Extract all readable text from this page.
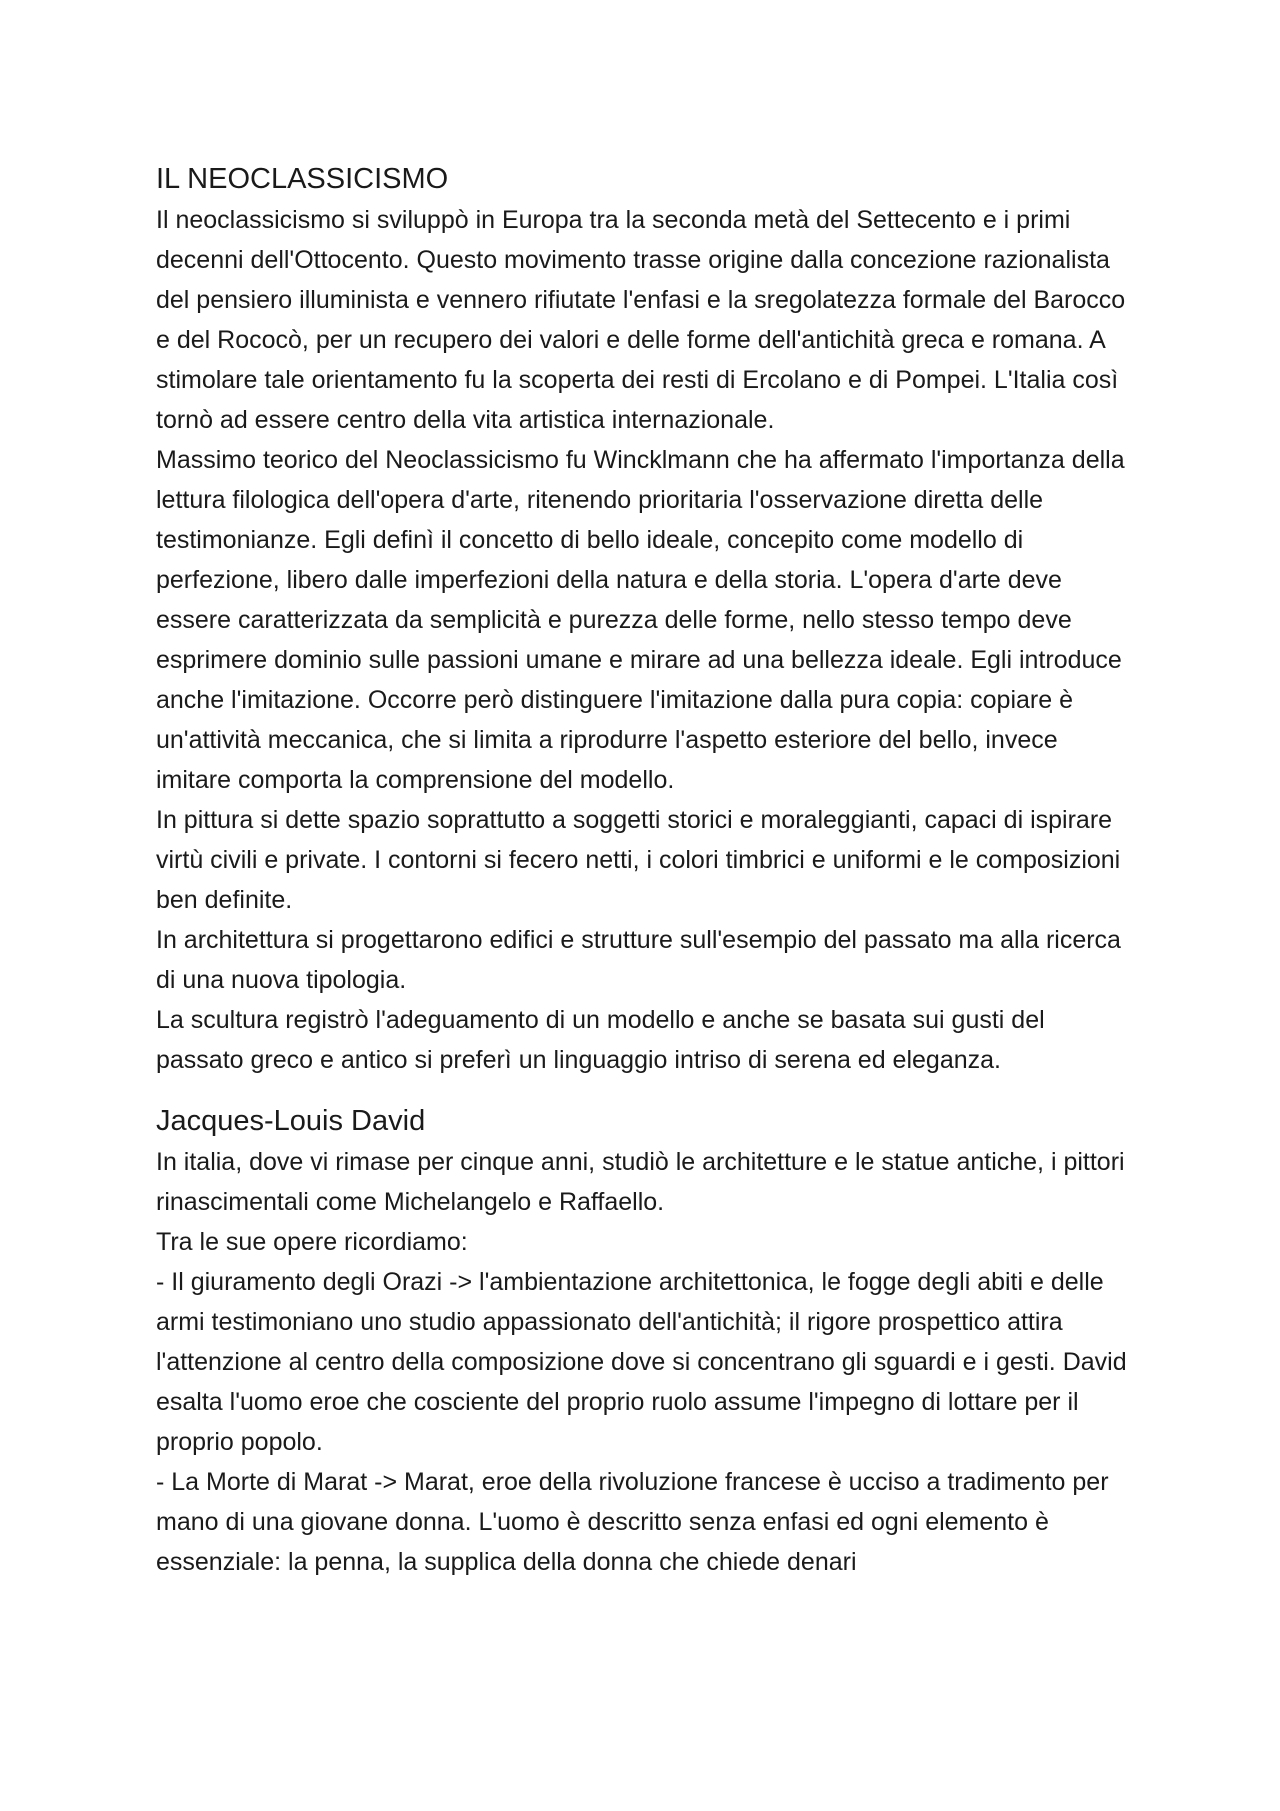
IL NEOCLASSICISMO

Il neoclassicismo si sviluppò in Europa tra la seconda metà del Settecento e i primi decenni dell'Ottocento. Questo movimento trasse origine dalla concezione razionalista del pensiero illuminista e vennero rifiutate l'enfasi e la sregolatezza formale del Barocco e del Rococò, per un recupero dei valori e delle forme dell'antichità greca e romana. A stimolare tale orientamento fu la scoperta dei resti di Ercolano e di Pompei. L'Italia così tornò ad essere centro della vita artistica internazionale.

Massimo teorico del Neoclassicismo fu Wincklmann che ha affermato l'importanza della lettura filologica dell'opera d'arte, ritenendo prioritaria l'osservazione diretta delle testimonianze. Egli definì il concetto di bello ideale, concepito come modello di perfezione, libero dalle imperfezioni della natura e della storia. L'opera d'arte deve essere caratterizzata da semplicità e purezza delle forme, nello stesso tempo deve esprimere dominio sulle passioni umane e mirare ad una bellezza ideale. Egli introduce anche l'imitazione. Occorre però distinguere l'imitazione dalla pura copia: copiare è un'attività meccanica, che si limita a riprodurre l'aspetto esteriore del bello, invece imitare comporta la comprensione del modello.

In pittura si dette spazio soprattutto a soggetti storici e moraleggianti, capaci di ispirare virtù civili e private. I contorni si fecero netti, i colori timbrici e uniformi e le composizioni ben definite.

In architettura si progettarono edifici e strutture sull'esempio del passato ma alla ricerca di una nuova tipologia.

La scultura registrò l'adeguamento di un modello e anche se basata sui gusti del passato greco e antico si preferì un linguaggio intriso di serena ed eleganza.

Jacques-Louis David

In italia, dove vi rimase per cinque anni, studiò le architetture e le statue antiche, i pittori rinascimentali come Michelangelo e Raffaello.

Tra le sue opere ricordiamo:

- Il giuramento degli Orazi -> l'ambientazione architettonica, le fogge degli abiti e delle armi testimoniano uno studio appassionato dell'antichità; il rigore prospettico attira l'attenzione al centro della composizione dove si concentrano gli sguardi e i gesti. David esalta l'uomo eroe che cosciente del proprio ruolo assume l'impegno di lottare per il proprio popolo.

- La Morte di Marat -> Marat, eroe della rivoluzione francese è ucciso a tradimento per mano di una giovane donna. L'uomo è descritto senza enfasi ed ogni elemento è essenziale: la penna, la supplica della donna che chiede denari
